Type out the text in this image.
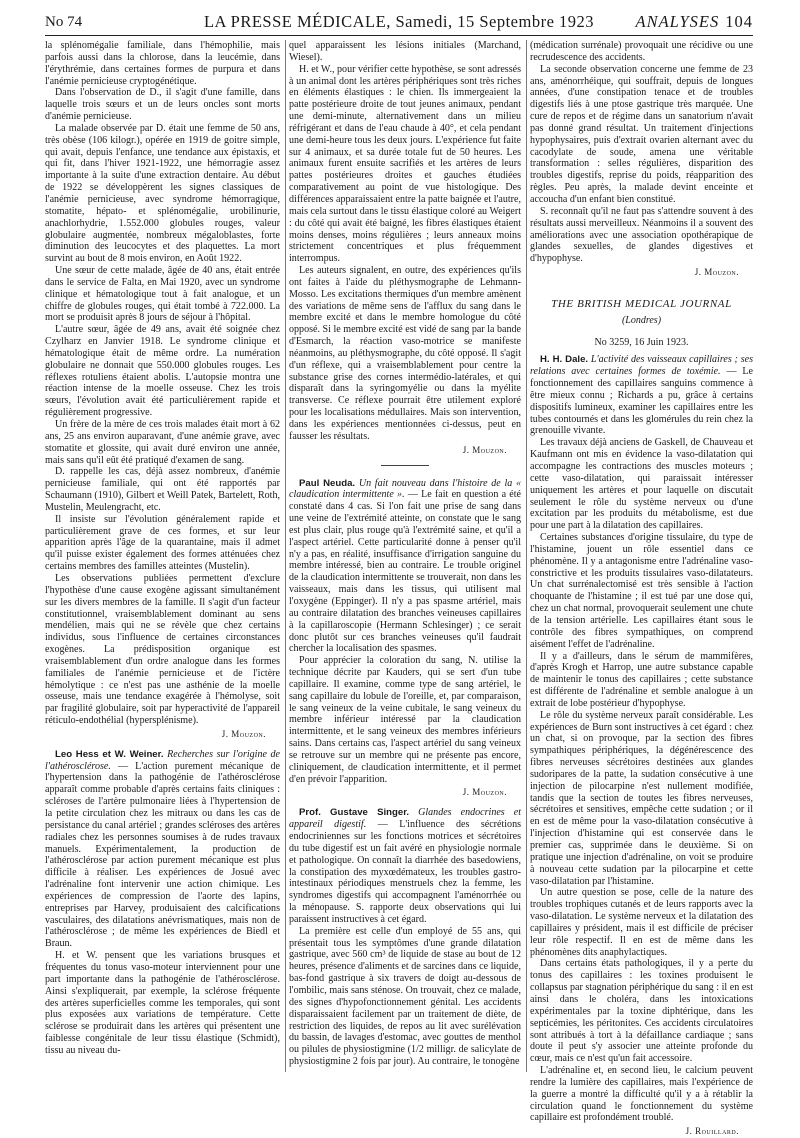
No 74	LA PRESSE MÉDICALE, Samedi, 15 Septembre 1923	ANALYSES 104

la splénomégalie familiale, dans l'hémophilie, mais parfois aussi dans la chlorose, dans la leucémie, dans l'érythrémie, dans certaines formes de purpura et dans l'anémie pernicieuse cryptogénétique.

Dans l'observation de D., il s'agit d'une famille, dans laquelle trois sœurs et un de leurs oncles sont morts d'anémie pernicieuse.

La malade observée par D. était une femme de 50 ans, très obèse (106 kilogr.), opérée en 1919 de goitre simple, qui avait, depuis l'enfance, une tendance aux épistaxis, et qui fit, dans l'hiver 1921-1922, une hémorragie assez importante à la suite d'une extraction dentaire. Au début de 1922 se développèrent les signes classiques de l'anémie pernicieuse, avec syndrome hémorragique, stomatite, hépato- et splénomégalie, urobilinurie, anachlorhydrie, 1.552.000 globules rouges, valeur globulaire augmentée, nombreux mégaloblastes, forte diminution des leucocytes et des plaquettes. La mort survint au bout de 8 mois environ, en Août 1922.

Une sœur de cette malade, âgée de 40 ans, était entrée dans le service de Falta, en Mai 1920, avec un syndrome clinique et hématologique tout à fait analogue, et un chiffre de globules rouges, qui était tombé à 722.000. La mort se produisit après 8 jours de séjour à l'hôpital.

L'autre sœur, âgée de 49 ans, avait été soignée chez Czylharz en Janvier 1918. Le syndrome clinique et hématologique était de même ordre. La numération globulaire ne donnait que 550.000 globules rouges. Les réflexes rotuliens étaient abolis. L'autopsie montra une réaction intense de la moelle osseuse. Chez les trois sœurs, l'évolution avait été particulièrement rapide et régulièrement progressive.

Un frère de la mère de ces trois malades était mort à 62 ans, 25 ans environ auparavant, d'une anémie grave, avec stomatite et glossite, qui avait duré environ une année, mais sans qu'il eût été pratiqué d'examen de sang.

D. rappelle les cas, déjà assez nombreux, d'anémie pernicieuse familiale, qui ont été rapportés par Schaumann (1910), Gilbert et Weill Patek, Bartelett, Roth, Mustelin, Meulengracht, etc.

Il insiste sur l'évolution généralement rapide et particulièrement grave de ces formes, et sur leur apparition après l'âge de la quarantaine, mais il admet qu'il puisse exister également des formes atténuées chez certains membres des familles atteintes (Mustelin).

Les observations publiées permettent d'exclure l'hypothèse d'une cause exogène agissant simultanément sur les divers membres de la famille. Il s'agit d'un facteur constitutionnel, vraisemblablement dominant au sens mendélien, mais qui ne se révèle que chez certains individus, sous l'influence de certaines circonstances exogènes. La prédisposition organique est vraisemblablement d'un ordre analogue dans les formes familiales de l'anémie pernicieuse et de l'ictère hémolytique : ce n'est pas une asthénie de la moelle osseuse, mais une tendance exagérée à l'hémolyse, soit par fragilité globulaire, soit par hyperactivité de l'appareil réticulo-endothélial (hypersplénisme).

J. Mouzon.

Leo Hess et W. Weiner. Recherches sur l'origine de l'athérosclérose. — L'action purement mécanique de l'hypertension dans la pathogénie de l'athérosclérose apparaît comme probable d'après certains faits cliniques : scléroses de l'artère pulmonaire liées à l'hypertension de la petite circulation chez les mitraux ou dans les cas de persistance du canal artériel ; grandes scléroses des artères radiales chez les personnes soumises à de rudes travaux manuels. Expérimentalement, la production de l'athérosclérose par action purement mécanique est plus difficile à réaliser. Les expériences de Josué avec l'adrénaline font intervenir une action chimique. Les expériences de compression de l'aorte des lapins, entreprises par Harvey, produisaient des calcifications vasculaires, des dilatations anévrismatiques, mais non de l'athérosclérose ; de même les expériences de Biedl et Braun.

H. et W. pensent que les variations brusques et fréquentes du tonus vaso-moteur interviennent pour une part importante dans la pathogénie de l'athérosclérose. Ainsi s'expliquerait, par exemple, la sclérose fréquente des artères superficielles comme les temporales, qui sont plus exposées aux variations de température. Cette sclérose se produirait dans les artères qui présentent une faiblesse congénitale de leur tissu élastique (Schmidt), tissu au niveau du-

quel apparaissent les lésions initiales (Marchand, Wiesel).

H. et W., pour vérifier cette hypothèse, se sont adressés à un animal dont les artères périphériques sont très riches en éléments élastiques : le chien. Ils immergeaient la patte postérieure droite de tout jeunes animaux, pendant une demi-minute, alternativement dans un milieu réfrigérant et dans de l'eau chaude à 40°, et cela pendant une demi-heure tous les deux jours. L'expérience fut faite sur 4 animaux, et sa durée totale fut de 50 heures. Les animaux furent ensuite sacrifiés et les artères de leurs pattes postérieures droites et gauches étudiées comparativement au point de vue histologique. Des différences apparaissaient entre la patte baignée et l'autre, mais cela surtout dans le tissu élastique coloré au Weigert : du côté qui avait été baigné, les fibres élastiques étaient moins denses, moins régulières ; leurs anneaux moins strictement concentriques et plus fréquemment interrompus.

Les auteurs signalent, en outre, des expériences qu'ils ont faites à l'aide du pléthysmographe de Lehmann-Mosso. Les excitations thermiques d'un membre amènent des variations de même sens de l'afflux du sang dans le membre excité et dans le membre homologue du côté opposé. Si le membre excité est vidé de sang par la bande d'Esmarch, la réaction vaso-motrice se manifeste néanmoins, au pléthysmographe, du côté opposé. Il s'agit d'un réflexe, qui a vraisemblablement pour centre la substance grise des cornes intermédio-latérales, et qui disparaît dans la syringomyélie ou dans la myélite transverse. Ce réflexe pourrait être utilement exploré pour les localisations médullaires. Mais son intervention, dans les expériences mentionnées ci-dessus, peut en fausser les résultats.

J. Mouzon.

Paul Neuda. Un fait nouveau dans l'histoire de la « claudication intermittente ». — Le fait en question a été constaté dans 4 cas. Si l'on fait une prise de sang dans une veine de l'extrémité atteinte, on constate que le sang est plus clair, plus rouge qu'à l'extrémité saine, et qu'il a l'aspect artériel. Cette particularité donne à penser qu'il n'y a pas, en réalité, insuffisance d'irrigation sanguine du membre intéressé, bien au contraire. Le trouble originel de la claudication intermittente se trouverait, non dans les vaisseaux, mais dans les tissus, qui utilisent mal l'oxygène (Eppinger). Il n'y a pas spasme artériel, mais au contraire dilatation des branches veineuses capillaires à la capillaroscopie (Hermann Schlesinger) ; ce serait donc plutôt sur ces branches veineuses qu'il faudrait chercher la localisation des spasmes.

Pour apprécier la coloration du sang, N. utilise la technique décrite par Kauders, qui se sert d'un tube capillaire. Il examine, comme type de sang artériel, le sang capillaire du lobule de l'oreille, et, par comparaison, le sang veineux de la veine cubitale, le sang veineux du membre inférieur intéressé par la claudication intermittente, et le sang veineux des membres inférieurs sains. Dans certains cas, l'aspect artériel du sang veineux se retrouve sur un membre qui ne présente pas encore, cliniquement, de claudication intermittente, et il permet d'en prévoir l'apparition.

J. Mouzon.

Prof. Gustave Singer. Glandes endocrines et appareil digestif. — L'influence des sécrétions endocriniennes sur les fonctions motrices et sécrétoires du tube digestif est un fait avéré en physiologie normale et pathologique. On connaît la diarrhée des basedowiens, la constipation des myxœdémateux, les troubles gastro-intestinaux périodiques menstruels chez la femme, les syndromes digestifs qui accompagnent l'aménorrhée ou la ménopause. S. rapporte deux observations qui lui paraissent instructives à cet égard.

La première est celle d'un employé de 55 ans, qui présentait tous les symptômes d'une grande dilatation gastrique, avec 560 cm³ de liquide de stase au bout de 12 heures, présence d'aliments et de sarcines dans ce liquide, bas-fond gastrique à six travers de doigt au-dessous de l'ombilic, mais sans sténose. On trouvait, chez ce malade, des signes d'hypofonctionnement génital. Les accidents disparaissaient facilement par un traitement de diète, de restriction des liquides, de repos au lit avec surélévation du bassin, de lavages d'estomac, avec gouttes de menthol ou pilules de physiostigmine (1/2 milligr. de salicylate de physiostigmine 2 fois par jour). Au contraire, le tonogène

(médication surrénale) provoquait une récidive ou une recrudescence des accidents.

La seconde observation concerne une femme de 23 ans, aménorrhéique, qui souffrait, depuis de longues années, d'une constipation tenace et de troubles digestifs liés à une ptose gastrique très marquée. Une cure de repos et de régime dans un sanatorium n'avait pas donné grand résultat. Un traitement d'injections hypophysaires, puis d'extrait ovarien alternant avec du cacodylate de soude, amena une véritable transformation : selles régulières, disparition des troubles digestifs, reprise du poids, réapparition des règles. Peu après, la malade devint enceinte et accoucha d'un enfant bien constitué.

S. reconnaît qu'il ne faut pas s'attendre souvent à des résultats aussi merveilleux. Néanmoins il a souvent des améliorations avec une association opothérapique de glandes sexuelles, de glandes digestives et d'hypophyse.

J. Mouzon.
THE BRITISH MEDICAL JOURNAL
(Londres)
No 3259, 16 Juin 1923.

H. H. Dale. L'activité des vaisseaux capillaires ; ses relations avec certaines formes de toxémie. — Le fonctionnement des capillaires sanguins commence à être mieux connu ; Richards a pu, grâce à certains dispositifs lumineux, examiner les capillaires entre les tubes contournés et dans les glomérules du rein chez la grenouille vivante.

Les travaux déjà anciens de Gaskell, de Chauveau et Kaufmann ont mis en évidence la vaso-dilatation qui accompagne les contractions des muscles moteurs ; cette vaso-dilatation, qui paraissait intéresser uniquement les artères et pour laquelle on discutait seulement le rôle du système nerveux ou d'une excitation par les produits du métabolisme, est due pour une part à la dilatation des capillaires.

Certaines substances d'origine tissulaire, du type de l'histamine, jouent un rôle essentiel dans ce phénomène. Il y a antagonisme entre l'adrénaline vaso-constrictive et les produits tissulaires vaso-dilatateurs. Un chat surrénalectomisé est très sensible à l'action choquante de l'histamine ; il est tué par une dose qui, chez un chat normal, provoquerait seulement une chute de la tension artérielle. Les capillaires étant sous le contrôle des fibres sympathiques, on comprend aisément l'effet de l'adrénaline.

Il y a d'ailleurs, dans le sérum de mammifères, d'après Krogh et Harrop, une autre substance capable de maintenir le tonus des capillaires ; cette substance est différente de l'adrénaline et semble analogue à un extrait de lobe postérieur d'hypophyse.

Le rôle du système nerveux paraît considérable. Les expériences de Burn sont instructives à cet égard : chez un chat, si on provoque, par la section des fibres sympathiques périphériques, la dégénérescence des fibres nerveuses sécrétoires destinées aux glandes sudoripares de la patte, la sudation consécutive à une injection de pilocarpine n'est nullement modifiée, tandis que la section de toutes les fibres nerveuses, sécrétoires et sensitives, empêche cette sudation ; or il en est de même pour la vaso-dilatation consécutive à l'injection d'histamine qui est conservée dans le premier cas, supprimée dans le deuxième. Si on pratique une injection d'adrénaline, on voit se produire à nouveau cette sudation par la pilocarpine et cette vaso-dilatation par l'histamine.

Un autre question se pose, celle de la nature des troubles trophiques cutanés et de leurs rapports avec la vaso-dilatation. Le système nerveux et la dilatation des capillaires y président, mais il est difficile de préciser leur rôle respectif. Il en est de même dans les phénomènes dits anaphylactiques.

Dans certains états pathologiques, il y a perte du tonus des capillaires : les toxines produisent le collapsus par stagnation périphérique du sang : il en est ainsi dans le choléra, dans les intoxications expérimentales par la toxine diphtérique, dans les septicémies, les péritonites. Ces accidents circulatoires sont attribués à tort à la défaillance cardiaque ; sans doute il peut s'y associer une atteinte profonde du cœur, mais ce n'est qu'un fait accessoire.

L'adrénaline et, en second lieu, le calcium peuvent rendre la lumière des capillaires, mais l'expérience de la guerre a montré la difficulté qu'il y a à rétablir la circulation quand le fonctionnement du système capillaire est profondément troublé.

J. Rouillard.
